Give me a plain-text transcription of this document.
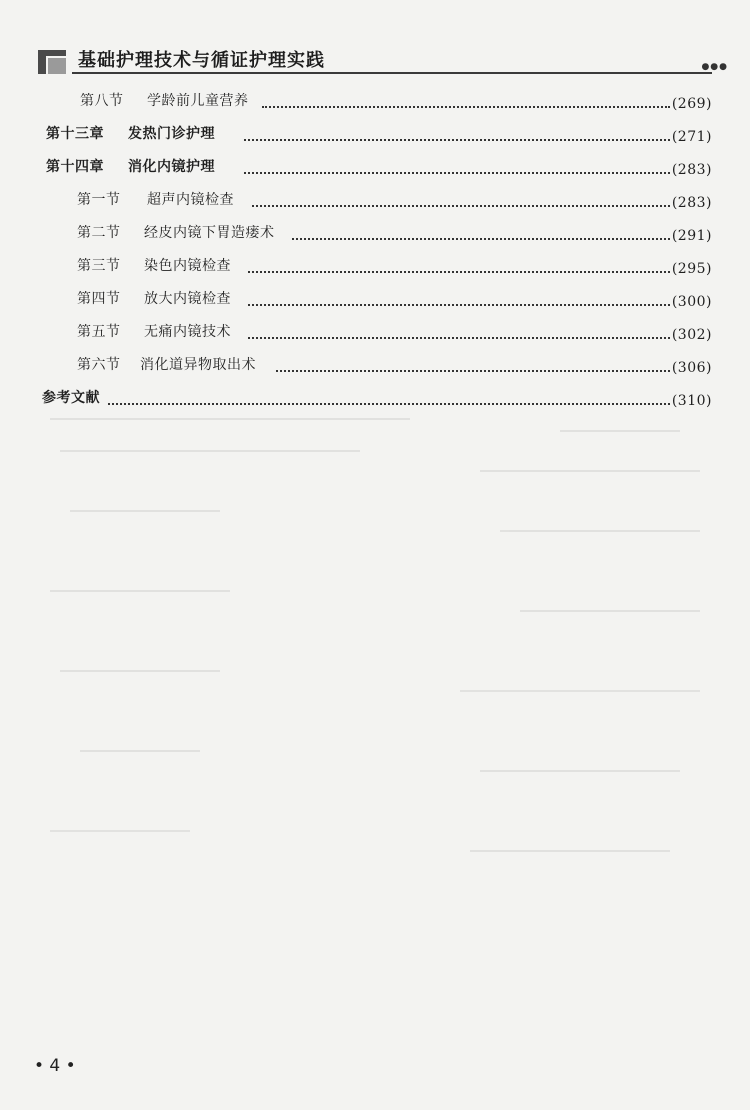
基础护理技术与循证护理实践	●●●
第八节 学龄前儿童营养	(269)
第十三章 发热门诊护理	(271)
第十四章 消化内镜护理	(283)
第一节 超声内镜检查	(283)
第二节 经皮内镜下胃造瘘术	(291)
第三节 染色内镜检查	(295)
第四节 放大内镜检查	(300)
第五节 无痛内镜技术	(302)
第六节 消化道异物取出术	(306)
参考文献	(310)
• 4 •
